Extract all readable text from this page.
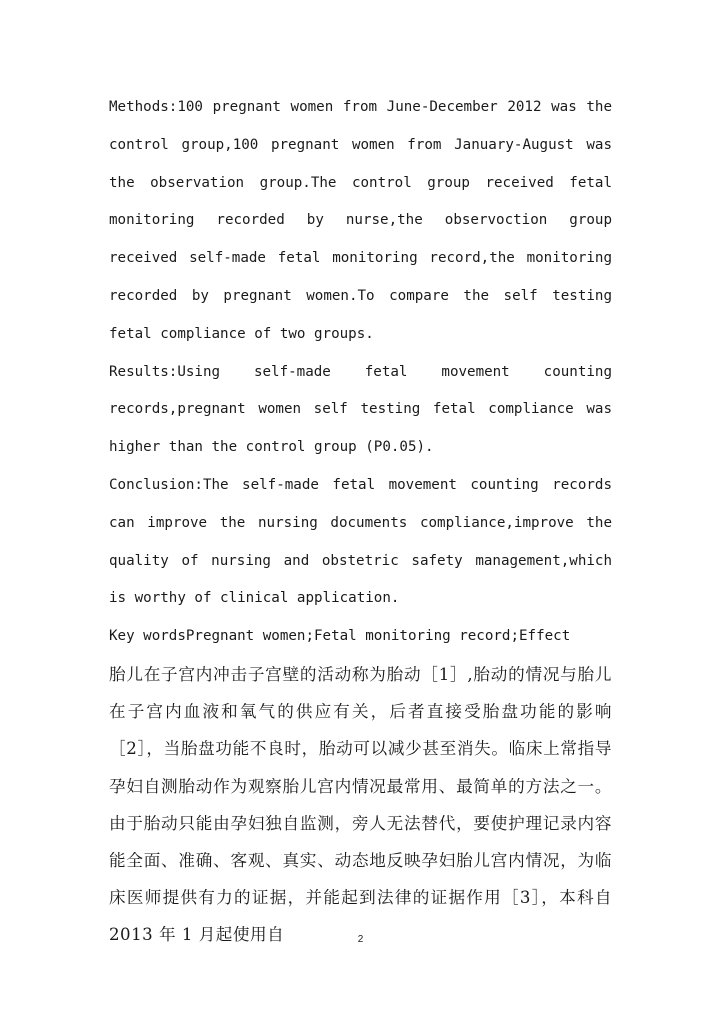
Methods:100 pregnant women from June-December 2012 was the control group,100 pregnant women from January-August was the observation group.The control group received fetal monitoring recorded by nurse,the observoction group received self-made fetal monitoring record,the monitoring recorded by pregnant women.To compare the self testing fetal compliance of two groups.

Results:Using self-made fetal movement counting records,pregnant women self testing fetal compliance was higher than the control group (P0.05).

Conclusion:The self-made fetal movement counting records can improve the nursing documents compliance,improve the quality of nursing and obstetric safety management,which is worthy of clinical application.

Key wordsPregnant women;Fetal monitoring record;Effect

胎儿在子宫内冲击子宫壁的活动称为胎动［1］,胎动的情况与胎儿在子宫内血液和氧气的供应有关，后者直接受胎盘功能的影响［2］，当胎盘功能不良时，胎动可以减少甚至消失。临床上常指导孕妇自测胎动作为观察胎儿宫内情况最常用、最简单的方法之一。由于胎动只能由孕妇独自监测，旁人无法替代，要使护理记录内容能全面、准确、客观、真实、动态地反映孕妇胎儿宫内情况，为临床医师提供有力的证据，并能起到法律的证据作用［3］，本科自 2013 年 1 月起使用自	2
